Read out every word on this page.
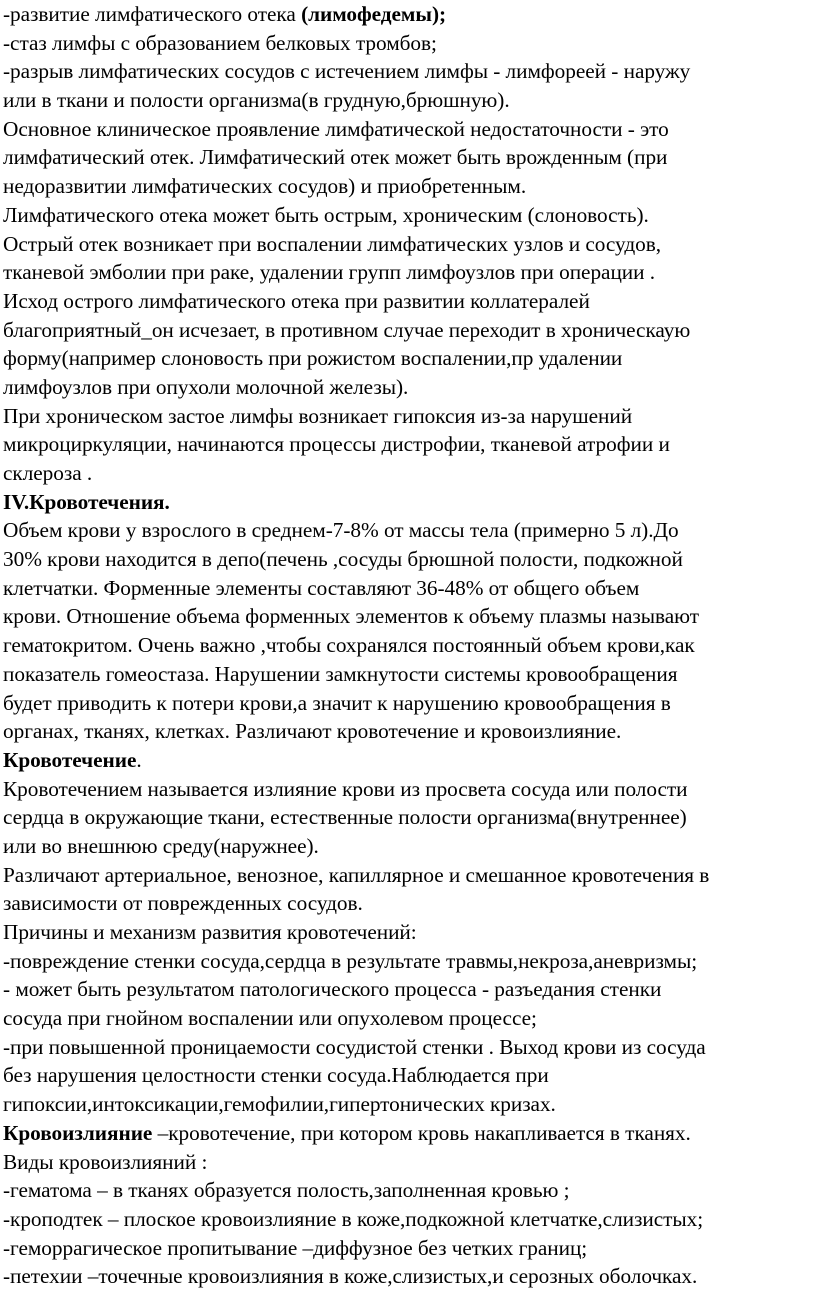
-развитие лимфатического отека (лимофедемы);
-стаз лимфы с образованием белковых тромбов;
-разрыв лимфатических сосудов с истечением лимфы - лимфореей - наружу
или в ткани и полости организма(в грудную,брюшную).
Основное клиническое проявление лимфатической недостаточности - это
лимфатический отек. Лимфатический отек может быть врожденным (при
недоразвитии лимфатических сосудов) и приобретенным.
Лимфатического отека может быть острым, хроническим (слоновость).
Острый отек возникает при воспалении лимфатических узлов и сосудов,
тканевой эмболии при раке, удалении групп лимфоузлов при операции .
Исход острого лимфатического отека при развитии коллатералей
благоприятный_он исчезает, в противном случае переходит в хроническаую
форму(например слоновость при рожистом воспалении,пр удалении
лимфоузлов при опухоли молочной железы).
При хроническом застое лимфы возникает гипоксия из-за нарушений
микроциркуляции, начинаются процессы дистрофии, тканевой атрофии и
склероза .
IV.Кровотечения.
Объем крови у взрослого в среднем-7-8% от массы тела (примерно 5 л).До
30% крови находится в депо(печень ,сосуды брюшной полости, подкожной
клетчатки. Форменные элементы составляют 36-48% от общего объем
крови. Отношение объема форменных элементов к объему плазмы называют
гематокритом. Очень важно ,чтобы сохранялся постоянный объем крови,как
показатель гомеостаза. Нарушении замкнутости системы кровообращения
будет приводить к потери крови,а значит к нарушению кровообращения в
органах, тканях, клетках. Различают кровотечение и кровоизлияние.
Кровотечение.
Кровотечением называется излияние крови из просвета сосуда или полости
сердца в окружающие ткани, естественные полости организма(внутреннее)
или во внешнюю среду(наружнее).
Различают артериальное, венозное, капиллярное и смешанное кровотечения в
зависимости от поврежденных сосудов.
Причины и механизм развития кровотечений:
-повреждение стенки сосуда,сердца в результате травмы,некроза,аневризмы;
- может быть результатом патологического процесса - разъедания стенки
сосуда при гнойном воспалении или опухолевом процессе;
-при повышенной проницаемости сосудистой стенки . Выход крови из сосуда
без нарушения целостности стенки сосуда.Наблюдается при
гипоксии,интоксикации,гемофилии,гипертонических кризах.
Кровоизлияние –кровотечение, при котором кровь накапливается в тканях.
Виды кровоизлияний :
-гематома – в тканях образуется полость,заполненная кровью ;
-кроподтек – плоское кровоизлияние в коже,подкожной клетчатке,слизистых;
-геморрагическое пропитывание –диффузное без четких границ;
-петехии –точечные кровоизлияния в коже,слизистых,и серозных оболочках.
